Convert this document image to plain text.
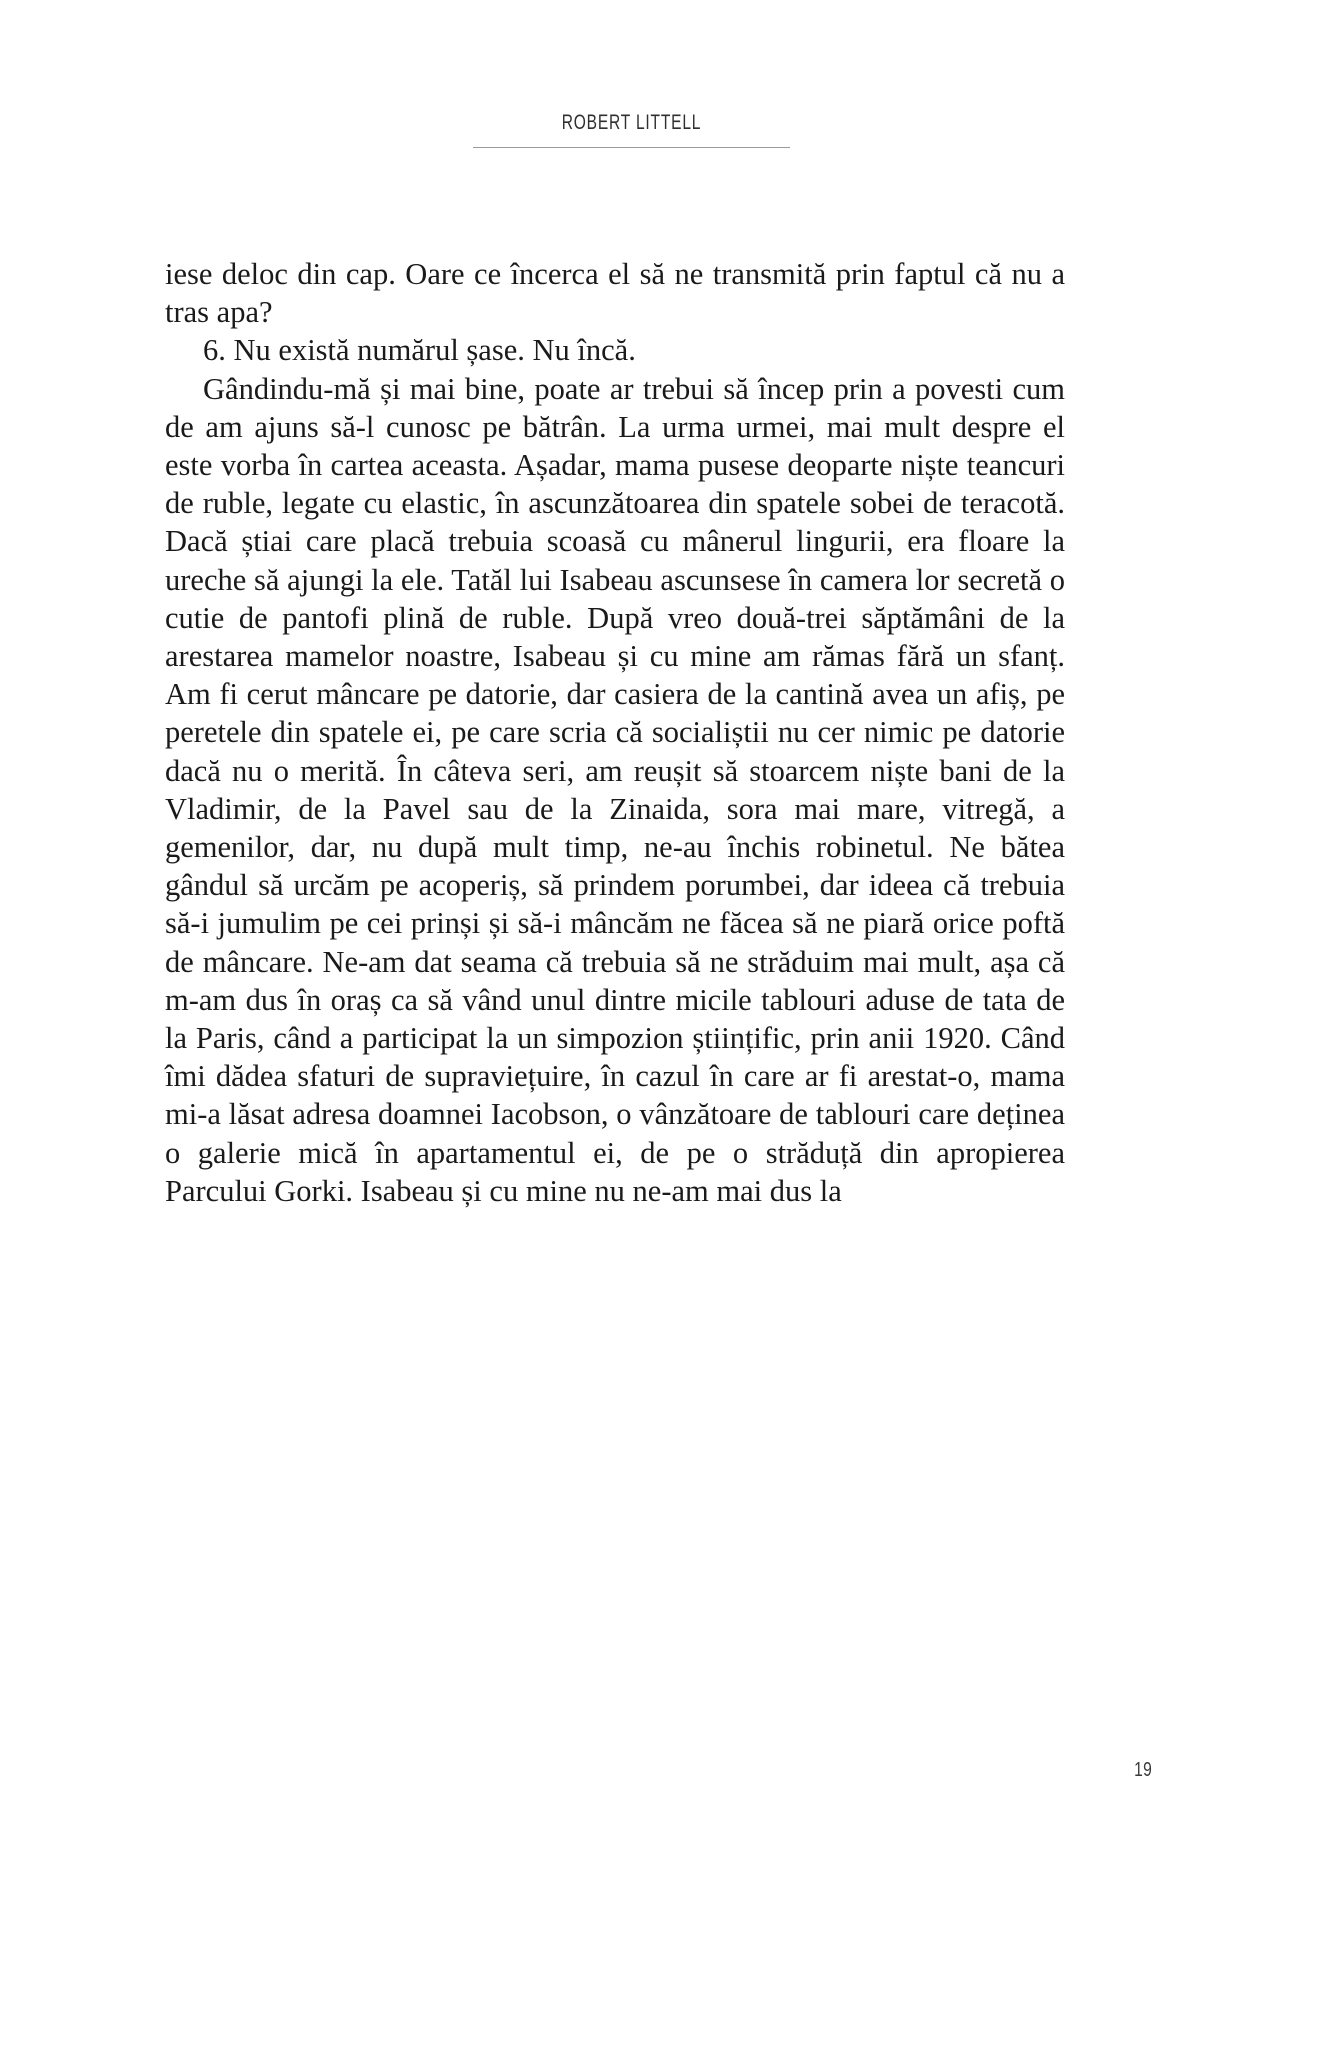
ROBERT LITTELL

iese deloc din cap. Oare ce încerca el să ne transmită prin faptul că nu a tras apa?

6. Nu există numărul șase. Nu încă.

Gândindu-mă și mai bine, poate ar trebui să încep prin a povesti cum de am ajuns să-l cunosc pe bătrân. La urma urmei, mai mult despre el este vorba în cartea aceasta. Așadar, mama pusese deoparte niște teancuri de ruble, legate cu elastic, în ascunzătoarea din spatele sobei de teracotă. Dacă știai care placă trebuia scoasă cu mânerul lingurii, era floare la ureche să ajungi la ele. Tatăl lui Isabeau ascunsese în camera lor secretă o cutie de pantofi plină de ruble. După vreo două-trei săptămâni de la arestarea mamelor noastre, Isabeau și cu mine am rămas fără un sfanț. Am fi cerut mâncare pe datorie, dar casiera de la cantină avea un afiș, pe peretele din spatele ei, pe care scria că socialiștii nu cer nimic pe datorie dacă nu o merită. În câteva seri, am reușit să stoarcem niște bani de la Vladimir, de la Pavel sau de la Zinaida, sora mai mare, vitregă, a gemenilor, dar, nu după mult timp, ne-au închis robinetul. Ne bătea gândul să urcăm pe acoperiș, să prindem porumbei, dar ideea că trebuia să-i jumulim pe cei prinși și să-i mâncăm ne făcea să ne piară orice poftă de mâncare. Ne-am dat seama că trebuia să ne străduim mai mult, așa că m-am dus în oraș ca să vând unul dintre micile tablouri aduse de tata de la Paris, când a participat la un simpozion științific, prin anii 1920. Când îmi dădea sfaturi de supraviețuire, în cazul în care ar fi arestat-o, mama mi-a lăsat adresa doamnei Iacobson, o vânzătoare de tablouri care deținea o galerie mică în apartamentul ei, de pe o străduță din apropierea Parcului Gorki. Isabeau și cu mine nu ne-am mai dus la

19
